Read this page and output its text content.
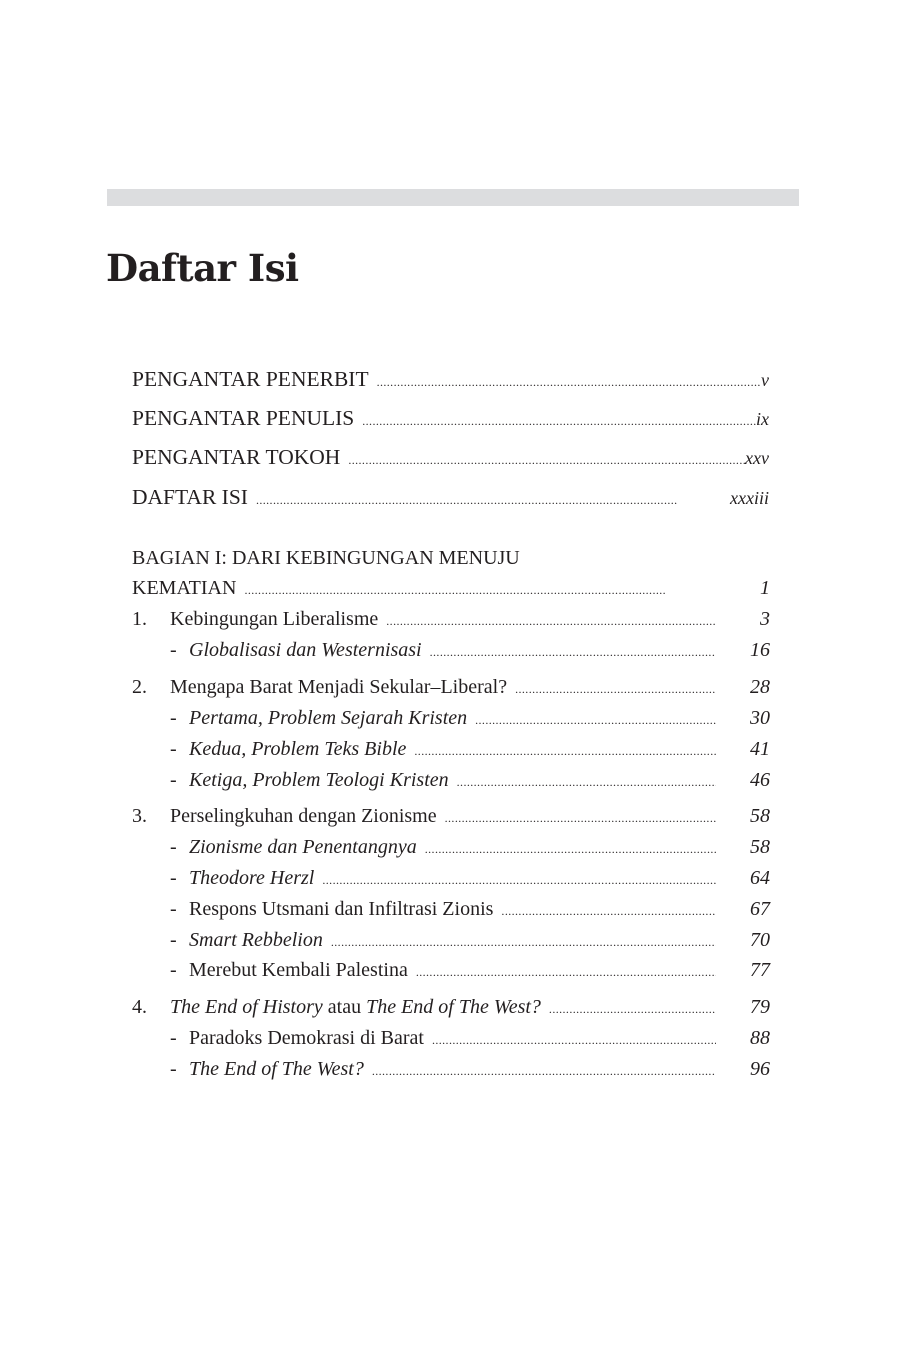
Daftar Isi
PENGANTAR PENERBIT . . .	v
PENGANTAR PENULIS . . .	ix
PENGANTAR TOKOH . . .	xxv
DAFTAR ISI . . .	xxxiii
BAGIAN I: DARI KEBINGUNGAN MENUJU
KEMATIAN . . .	1
1. Kebingungan Liberalisme . . .	3
- Globalisasi dan Westernisasi . . .	16
2. Mengapa Barat Menjadi Sekular–Liberal? . . .	28
- Pertama, Problem Sejarah Kristen . . .	30
- Kedua, Problem Teks Bible . . .	41
- Ketiga, Problem Teologi Kristen . . .	46
3. Perselingkuhan dengan Zionisme . . .	58
- Zionisme dan Penentangnya . . .	58
- Theodore Herzl . . .	64
- Respons Utsmani dan Infiltrasi Zionis . . .	67
- Smart Rebbelion . . .	70
- Merebut Kembali Palestina . . .	77
4. The End of History atau The End of The West? . . .	79
- Paradoks Demokrasi di Barat . . .	88
- The End of The West? . . .	96
